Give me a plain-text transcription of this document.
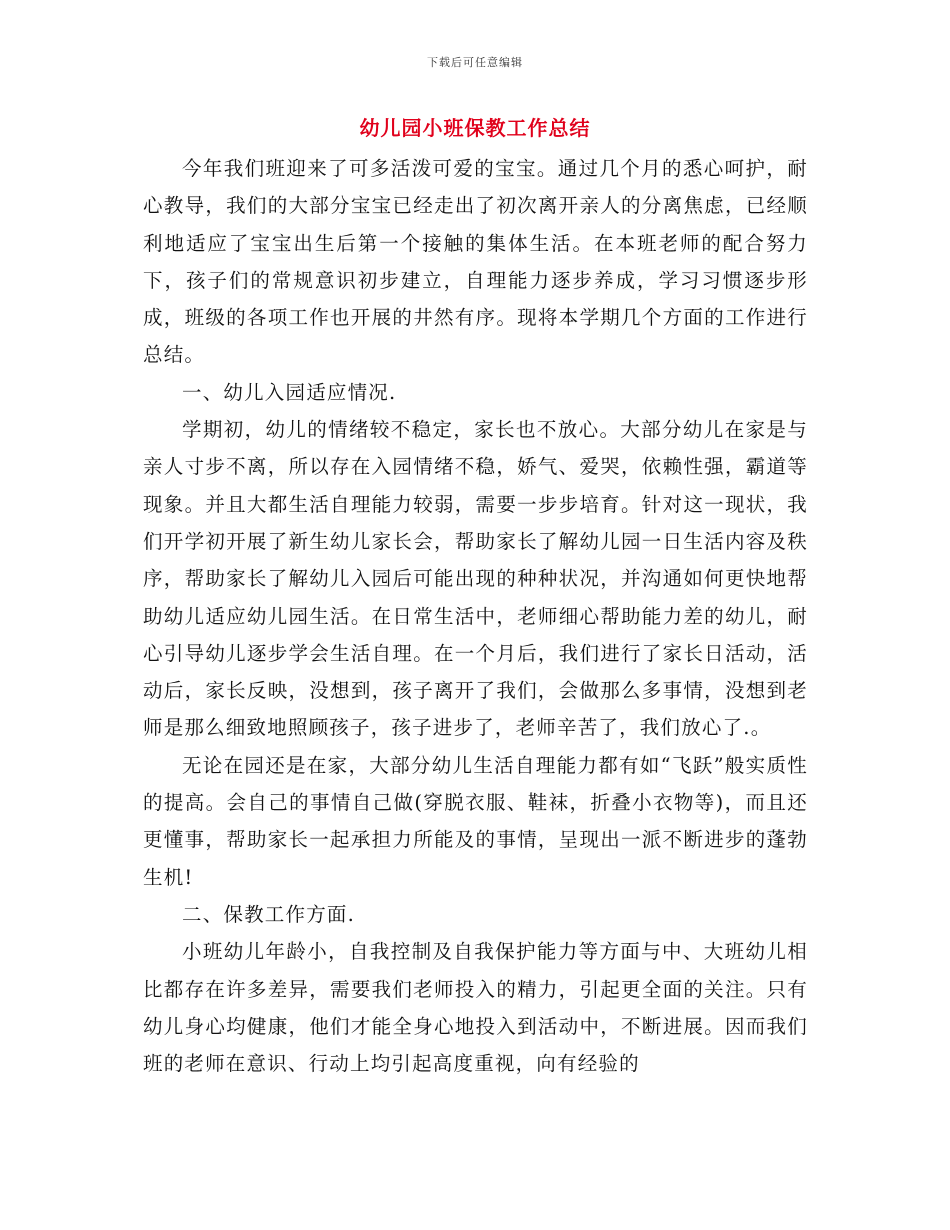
下载后可任意编辑
幼儿园小班保教工作总结

今年我们班迎来了可多活泼可爱的宝宝。通过几个月的悉心呵护，耐心教导，我们的大部分宝宝已经走出了初次离开亲人的分离焦虑，已经顺利地适应了宝宝出生后第一个接触的集体生活。在本班老师的配合努力下，孩子们的常规意识初步建立，自理能力逐步养成，学习习惯逐步形成，班级的各项工作也开展的井然有序。现将本学期几个方面的工作进行总结。

一、幼儿入园适应情况.

学期初，幼儿的情绪较不稳定，家长也不放心。大部分幼儿在家是与亲人寸步不离，所以存在入园情绪不稳，娇气、爱哭，依赖性强，霸道等现象。并且大都生活自理能力较弱，需要一步步培育。针对这一现状，我们开学初开展了新生幼儿家长会，帮助家长了解幼儿园一日生活内容及秩序，帮助家长了解幼儿入园后可能出现的种种状况，并沟通如何更快地帮助幼儿适应幼儿园生活。在日常生活中，老师细心帮助能力差的幼儿，耐心引导幼儿逐步学会生活自理。在一个月后，我们进行了家长日活动，活动后，家长反映，没想到，孩子离开了我们，会做那么多事情，没想到老师是那么细致地照顾孩子，孩子进步了，老师辛苦了，我们放心了.。

无论在园还是在家，大部分幼儿生活自理能力都有如“飞跃”般实质性的提高。会自己的事情自己做(穿脱衣服、鞋袜，折叠小衣物等)，而且还更懂事，帮助家长一起承担力所能及的事情，呈现出一派不断进步的蓬勃生机!

二、保教工作方面.

小班幼儿年龄小，自我控制及自我保护能力等方面与中、大班幼儿相比都存在许多差异，需要我们老师投入的精力，引起更全面的关注。只有幼儿身心均健康，他们才能全身心地投入到活动中，不断进展。因而我们班的老师在意识、行动上均引起高度重视，向有经验的
